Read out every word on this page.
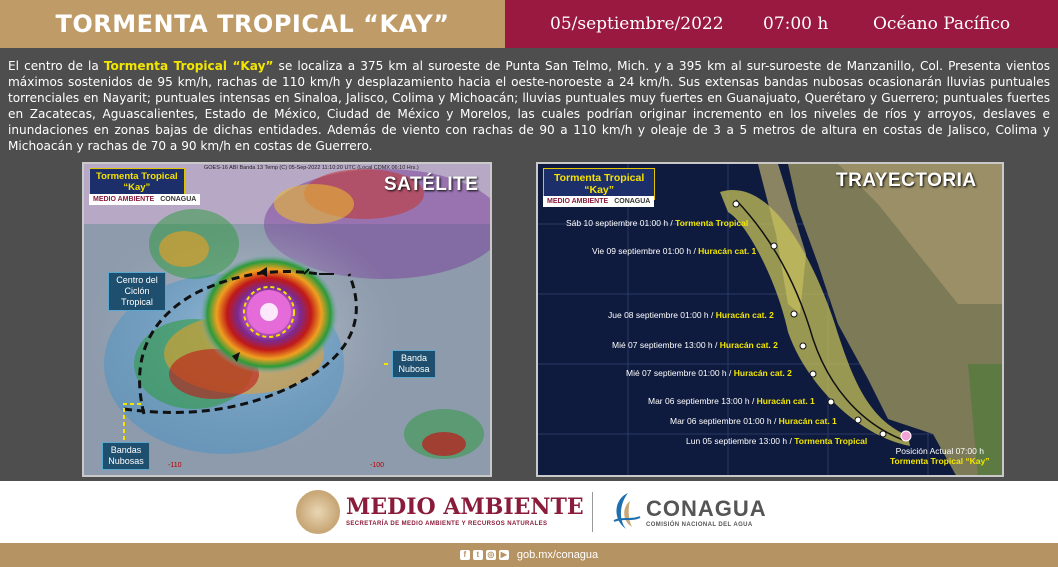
TORMENTA TROPICAL “KAY”	05/septiembre/2022 07:00 h	Océano Pacífico

El centro de la Tormenta Tropical “Kay” se localiza a 375 km al suroeste de Punta San Telmo, Mich. y a 395 km al sur-suroeste de Manzanillo, Col. Presenta vientos máximos sostenidos de 95 km/h, rachas de 110 km/h y desplazamiento hacia el oeste-noroeste a 24 km/h. Sus extensas bandas nubosas ocasionarán lluvias puntuales torrenciales en Nayarit; puntuales intensas en Sinaloa, Jalisco, Colima y Michoacán; lluvias puntuales muy fuertes en Guanajuato, Querétaro y Guerrero; puntuales fuertes en Zacatecas, Aguascalientes, Estado de México, Ciudad de México y Morelos, las cuales podrían originar incremento en los niveles de ríos y arroyos, deslaves e inundaciones en zonas bajas de dichas entidades. Además de viento con rachas de 90 a 110 km/h y oleaje de 3 a 5 metros de altura en costas de Jalisco, Colima y Michoacán y rachas de 70 a 90 km/h en costas de Guerrero.

Tormenta Tropical
“Kay”
MEDIO AMBIENTE CONAGUA
GOES-16 ABI Banda 13 Temp (C) 05-Sep-2022 11:10:20 UTC (Local CDMX 06:10 Hrs.)
SATÉLITE
Centro del Ciclón Tropical
Banda Nubosa
Bandas Nubosas	-110	-100
Tormenta Tropical
“Kay”
MEDIO AMBIENTE CONAGUA
TRAYECTORIA
Sáb 10 septiembre 01:00 h / Tormenta Tropical
Vie 09 septiembre 01:00 h / Huracán cat. 1
Jue 08 septiembre 01:00 h / Huracán cat. 2
Mié 07 septiembre 13:00 h / Huracán cat. 2
Mié 07 septiembre 01:00 h / Huracán cat. 2
Mar 06 septiembre 13:00 h / Huracán cat. 1
Mar 06 septiembre 01:00 h / Huracán cat. 1
Lun 05 septiembre 13:00 h / Tormenta Tropical
Posición Actual 07:00 h
Tormenta Tropical “Kay”
MEDIO AMBIENTE
SECRETARÍA DE MEDIO AMBIENTE Y RECURSOS NATURALES
CONAGUA
COMISIÓN NACIONAL DEL AGUA
f	t	◎ ▶ gob.mx/conagua
